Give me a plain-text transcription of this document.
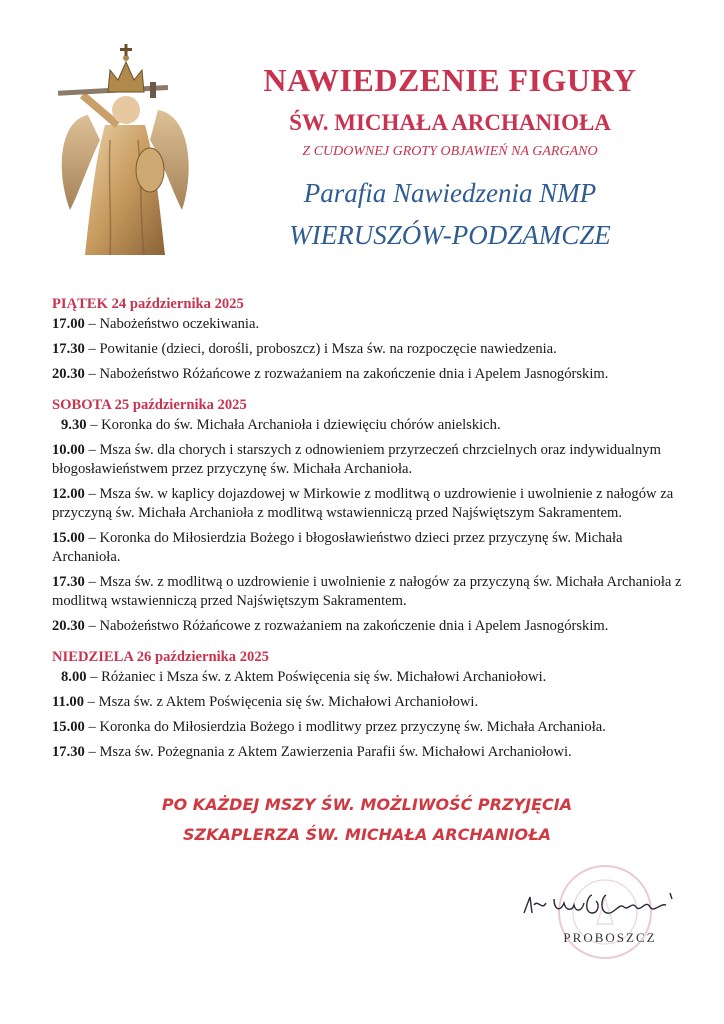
NAWIEDZENIE FIGURY
ŚW. MICHAŁA ARCHANIOŁA
Z CUDOWNEJ GROTY OBJAWIEŃ NA GARGANO
Parafia Nawiedzenia NMP
WIERUSZÓW-PODZAMCZE
PIĄTEK 24 października 2025
17.00 – Nabożeństwo oczekiwania.
17.30 – Powitanie (dzieci, dorośli, proboszcz) i Msza św. na rozpoczęcie nawiedzenia.
20.30 – Nabożeństwo Różańcowe z rozważaniem na zakończenie dnia i Apelem Jasnogórskim.
SOBOTA 25 października 2025
9.30 – Koronka do św. Michała Archanioła i dziewięciu chórów anielskich.
10.00 – Msza św. dla chorych i starszych z odnowieniem przyrzeczeń chrzcielnych oraz indywidualnym błogosławieństwem przez przyczynę św. Michała Archanioła.
12.00 – Msza św. w kaplicy dojazdowej w Mirkowie z modlitwą o uzdrowienie i uwolnienie z nałogów za przyczyną św. Michała Archanioła z modlitwą wstawienniczą przed Najświętszym Sakramentem.
15.00 – Koronka do Miłosierdzia Bożego i błogosławieństwo dzieci przez przyczynę św. Michała Archanioła.
17.30 – Msza św. z modlitwą o uzdrowienie i uwolnienie z nałogów za przyczyną św. Michała Archanioła z modlitwą wstawienniczą przed Najświętszym Sakramentem.
20.30 – Nabożeństwo Różańcowe z rozważaniem na zakończenie dnia i Apelem Jasnogórskim.
NIEDZIELA 26 października 2025
8.00 – Różaniec i Msza św. z Aktem Poświęcenia się św. Michałowi Archaniołowi.
11.00 – Msza św. z Aktem Poświęcenia się św. Michałowi Archaniołowi.
15.00 – Koronka do Miłosierdzia Bożego i modlitwy przez przyczynę św. Michała Archanioła.
17.30 – Msza św. Pożegnania z Aktem Zawierzenia Parafii św. Michałowi Archaniołowi.
PO KAŻDEJ MSZY ŚW. MOŻLIWOŚĆ PRZYJĘCIA
SZKAPLERZA ŚW. MICHAŁA ARCHANIOŁA
PROBOSZCZ
